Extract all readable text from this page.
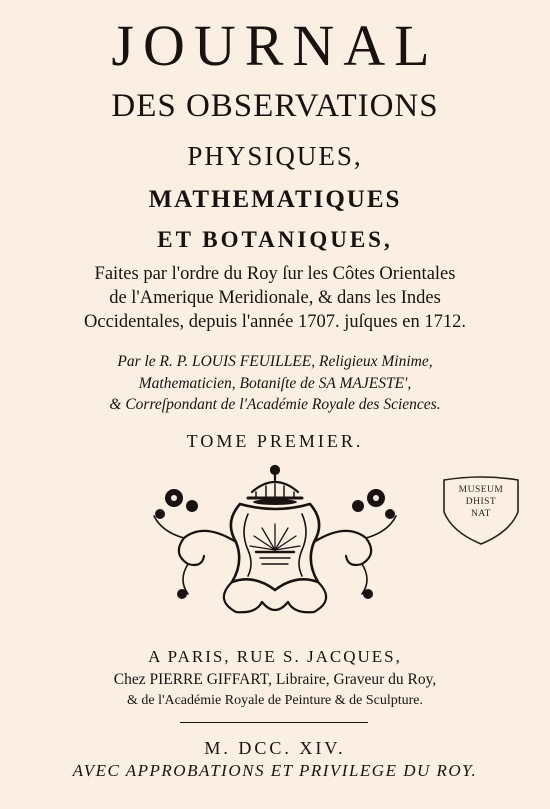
JOURNAL
DES OBSERVATIONS
PHYSIQUES,
MATHEMATIQUES
ET BOTANIQUES,
Faites par l'ordre du Roy ſur les Côtes Orientales
de l'Amerique Meridionale, & dans les Indes
Occidentales, depuis l'année 1707. juſques en 1712.
Par le R. P. LOUIS FEUILLEE, Religieux Minime,
Mathematicien, Botaniſte de SA MAJESTE',
& Correſpondant de l'Académie Royale des Sciences.
TOME PREMIER.
MUSEUM
DHIST
NAT
A PARIS, RUE S. JACQUES,
Chez PIERRE GIFFART, Libraire, Graveur du Roy,
& de l'Académie Royale de Peinture & de Sculpture.
M. DCC. XIV.
AVEC APPROBATIONS ET PRIVILEGE DU ROY.
